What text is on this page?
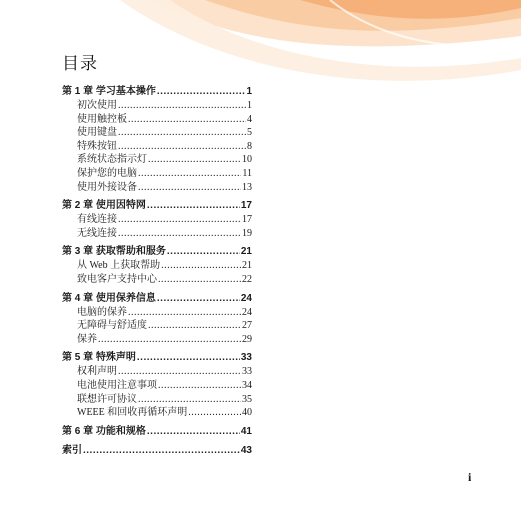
目录
第 1 章 学习基本操作 .....	1
初次使用 .....	1
使用触控板 .....	4
使用键盘 .....	5
特殊按钮 .....	8
系统状态指示灯 .....	10
保护您的电脑 .....	11
使用外接设备 .....	13
第 2 章 使用因特网 .....	17
有线连接 .....	17
无线连接 .....	19
第 3 章 获取帮助和服务 .....	21
从 Web 上获取帮助 .....	21
致电客户支持中心 .....	22
第 4 章 使用保养信息 .....	24
电脑的保养 .....	24
无障碍与舒适度 .....	27
保养 .....	29
第 5 章 特殊声明 .....	33
权利声明 .....	33
电池使用注意事项 .....	34
联想许可协议 .....	35
WEEE 和回收再循环声明 .....	40
第 6 章 功能和规格 .....	41
索引 .....	43
i
